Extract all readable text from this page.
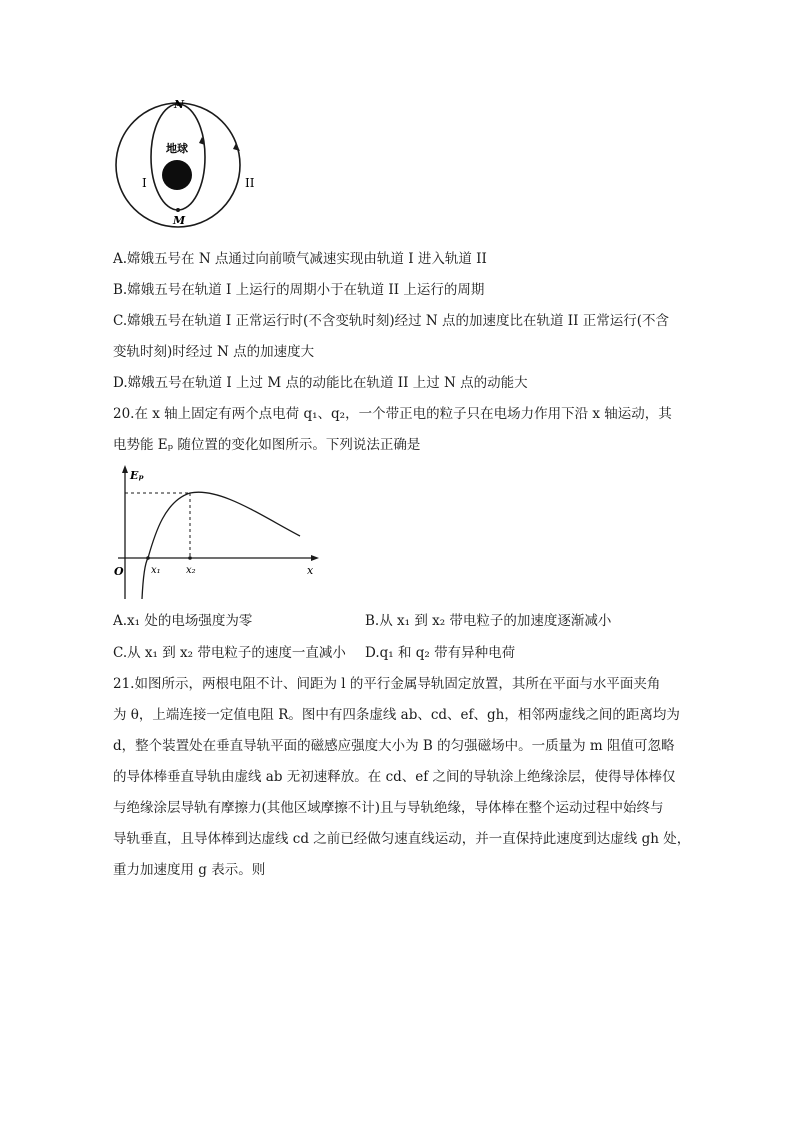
N
M
地球
I	II
A.嫦娥五号在 N 点通过向前喷气减速实现由轨道 I 进入轨道 II
B.嫦娥五号在轨道 I 上运行的周期小于在轨道 II 上运行的周期
C.嫦娥五号在轨道 I 正常运行时(不含变轨时刻)经过 N 点的加速度比在轨道 II 正常运行(不含
变轨时刻)时经过 N 点的加速度大
D.嫦娥五号在轨道 I 上过 M 点的动能比在轨道 II 上过 N 点的动能大
20.在 x 轴上固定有两个点电荷 q₁、q₂，一个带正电的粒子只在电场力作用下沿 x 轴运动，其
电势能 Eₚ 随位置的变化如图所示。下列说法正确是
Eₚ
x
O	x₁	x₂
A.x₁ 处的电场强度为零	B.从 x₁ 到 x₂ 带电粒子的加速度逐渐减小
C.从 x₁ 到 x₂ 带电粒子的速度一直减小 D.q₁ 和 q₂ 带有异种电荷
21.如图所示，两根电阻不计、间距为 l 的平行金属导轨固定放置，其所在平面与水平面夹角
为 θ，上端连接一定值电阻 R。图中有四条虚线 ab、cd、ef、gh，相邻两虚线之间的距离均为
d，整个装置处在垂直导轨平面的磁感应强度大小为 B 的匀强磁场中。一质量为 m 阻值可忽略
的导体棒垂直导轨由虚线 ab 无初速释放。在 cd、ef 之间的导轨涂上绝缘涂层，使得导体棒仅
与绝缘涂层导轨有摩擦力(其他区域摩擦不计)且与导轨绝缘，导体棒在整个运动过程中始终与
导轨垂直，且导体棒到达虚线 cd 之前已经做匀速直线运动，并一直保持此速度到达虚线 gh 处，
重力加速度用 g 表示。则
